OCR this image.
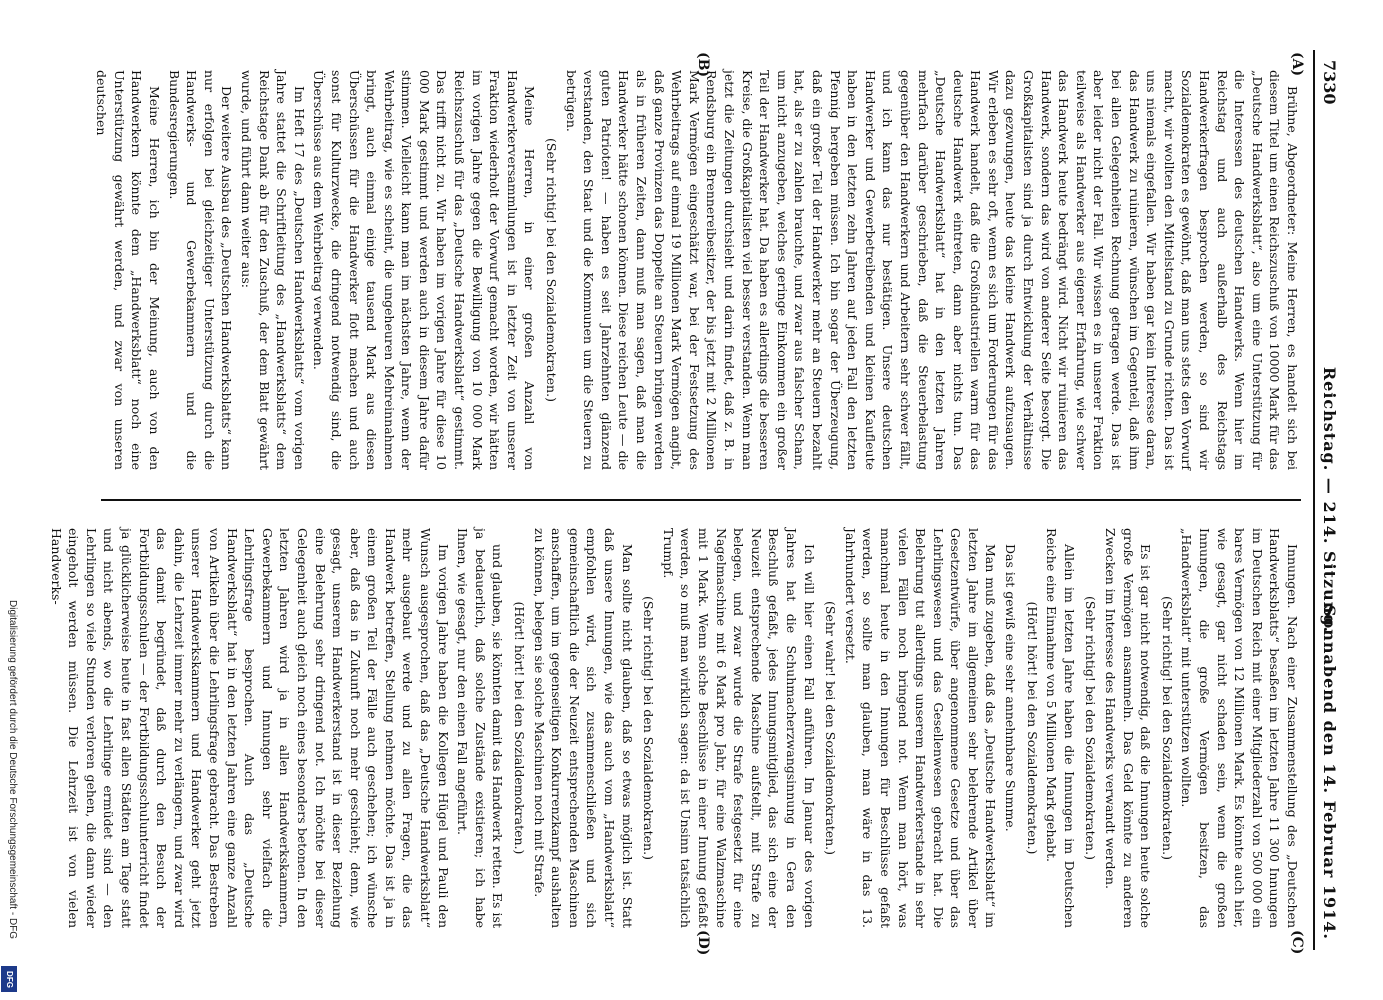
7330
Reichstag. — 214. Sitzung.
Sonnabend den 14. Februar 1914.
(A)
(B)
(C)
(D)

Brühne, Abgeordneter: Meine Herren, es handelt sich bei diesem Titel um einen Reichszuschuß von 10000 Mark für das „Deutsche Handwerksblatt“, also um eine Unterstützung für die Interessen des deutschen Handwerks. Wenn hier im Reichstag und auch außerhalb des Reichstags Handwerkerfragen besprochen werden, so sind wir Sozialdemokraten es gewöhnt, daß man uns stets den Vorwurf macht, wir wollten den Mittelstand zu Grunde richten. Das ist uns niemals eingefallen. Wir haben gar kein Interesse daran, das Handwerk zu ruinieren, wünschen im Gegenteil, daß ihm bei allen Gelegenheiten Rechnung getragen werde. Das ist aber leider nicht der Fall. Wir wissen es in unserer Fraktion teilweise als Handwerker aus eigener Erfahrung, wie schwer das Handwerk heute bedrängt wird. Nicht wir ruinieren das Handwerk, sondern das wird von anderer Seite besorgt. Die Großkapitalisten sind ja durch Entwicklung der Verhältnisse dazu gezwungen, heute das kleine Handwerk aufzusaugen. Wir erleben es sehr oft, wenn es sich um Forderungen für das Handwerk handelt, daß die Großindustriellen warm für das deutsche Handwerk eintreten, dann aber nichts tun. Das „Deutsche Handwerksblatt“ hat in den letzten Jahren mehrfach darüber geschrieben, daß die Steuerbelastung gegenüber den Handwerkern und Arbeitern sehr schwer fällt, und ich kann das nur bestätigen. Unsere deutschen Handwerker und Gewerbetreibenden und kleinen Kaufleute haben in den letzten zehn Jahren auf jeden Fall den letzten Pfennig hergeben müssen. Ich bin sogar der Überzeugung, daß ein großer Teil der Handwerker mehr an Steuern bezahlt hat, als er zu zahlen brauchte, und zwar aus falscher Scham, um nicht anzugeben, welches geringe Einkommen ein großer Teil der Handwerker hat. Da haben es allerdings die besseren Kreise, die Großkapitalisten viel besser verstanden. Wenn man jetzt die Zeitungen durchsieht und darin findet, daß z. B. in Rendsburg ein Brennereibesitzer, der bis jetzt mit 2 Millionen Mark Vermögen eingeschätzt war, bei der Festsetzung des Wehrbeitrags auf einmal 19 Millionen Mark Vermögen angibt, daß ganze Provinzen das Doppelte an Steuern bringen werden als in früheren Zeiten, dann muß man sagen, daß man die Handwerker hätte schonen können. Diese reichen Leute — die guten Patrioten! — haben es seit Jahrzehnten glänzend verstanden, den Staat und die Kommunen um die Steuern zu betrügen.

(Sehr richtig! bei den Sozialdemokraten.)

Meine Herren, in einer großen Anzahl von Handwerkerversammlungen ist in letzter Zeit von unserer Fraktion wiederholt der Vorwurf gemacht worden, wir hätten im vorigen Jahre gegen die Bewilligung von 10 000 Mark Reichszuschuß für das „Deutsche Handwerksblatt“ gestimmt. Das trifft nicht zu. Wir haben im vorigen Jahre für diese 10 000 Mark gestimmt und werden auch in diesem Jahre dafür stimmen. Vielleicht kann man im nächsten Jahre, wenn der Wehrbeitrag, wie es scheint, die ungeheuren Mehreinnahmen bringt, auch einmal einige tausend Mark aus diesen Überschüssen für die Handwerker flott machen und auch sonst für Kulturzwecke, die dringend notwendig sind, die Überschüsse aus dem Wehrbeitrag verwenden.

Im Heft 17 des „Deutschen Handwerksblatts“ vom vorigen Jahre stattet die Schriftleitung des „Handwerksblatts“ dem Reichstage Dank ab für den Zuschuß, der dem Blatt gewährt wurde, und führt dann weiter aus:

Der weitere Ausbau des „Deutschen Handwerksblatts“ kann nur erfolgen bei gleichzeitiger Unterstützung durch die Handwerks- und Gewerbekammern und die Bundesregierungen.

Meine Herren, ich bin der Meinung, auch von den Handwerkern könnte dem „Handwerksblatt“ noch eine Unterstützung gewährt werden, und zwar von unseren deutschen

Innungen. Nach einer Zusammenstellung des „Deutschen Handwerksblatts“ besaßen im letzten Jahre 11 300 Innungen im Deutschen Reich mit einer Mitgliederzahl von 500 000 ein bares Vermögen von 12 Millionen Mark. Es könnte auch hier, wie gesagt, gar nicht schaden sein, wenn die großen Innungen, die große Vermögen besitzen, das „Handwerksblatt“ mit unterstützen wollten.

(Sehr richtig! bei den Sozialdemokraten.)

Es ist gar nicht notwendig, daß die Innungen heute solche große Vermögen ansammeln. Das Geld könnte zu anderen Zwecken im Interesse des Handwerks verwandt werden.

(Sehr richtig! bei den Sozialdemokraten.)

Allein im letzten Jahre haben die Innungen im Deutschen Reiche eine Einnahme von 5 Millionen Mark gehabt.

(Hört! hört! bei den Sozialdemokraten.)

Das ist gewiß eine sehr annehmbare Summe.

Man muß zugeben, daß das „Deutsche Handwerksblatt“ im letzten Jahre im allgemeinen sehr belehrende Artikel über Gesetzentwürfe, über angenommene Gesetze und über das Lehrlingswesen und das Gesellenwesen gebracht hat. Die Belehrung tut allerdings unserem Handwerkerstande in sehr vielen Fällen noch bringend not. Wenn man hört, was manchmal heute in den Innungen für Beschlüsse gefaßt werden, so sollte man glauben, man wäre in das 13. Jahrhundert versetzt.

(Sehr wahr! bei den Sozialdemokraten.)

Ich will hier einen Fall anführen. Im Januar des vorigen Jahres hat die Schuhmacherzwangsinnung in Gera den Beschluß gefaßt, jedes Innungsmitglied, das sich eine der Neuzeit entsprechende Maschine aufstellt, mit Strafe zu belegen, und zwar wurde die Strafe festgesetzt für eine Nagelmaschine mit 6 Mark pro Jahr, für eine Walzmaschine mit 1 Mark. Wenn solche Beschlüsse in einer Innung gefaßt werden, so muß man wirklich sagen: da ist Unsinn tatsächlich Trumpf.

(Sehr richtig! bei den Sozialdemokraten.)

Man sollte nicht glauben, daß so etwas möglich ist. Statt daß unsere Innungen, wie das auch vom „Handwerksblatt“ empfohlen wird, sich zusammenschließen und sich gemeinschaftlich die der Neuzeit entsprechenden Maschinen anschaffen, um im gegenseitigen Konkurrenzkampf aushalten zu können, belegen sie solche Maschinen noch mit Strafe.

(Hört! hört! bei den Sozialdemokraten.)

und glauben, sie könnten damit das Handwerk retten. Es ist ja bedauerlich, daß solche Zustände existieren; ich habe Ihnen, wie gesagt, nur den einen Fall angeführt.

Im vorigen Jahre haben die Kollegen Hügel und Pauli den Wunsch ausgesprochen, daß das „Deutsche Handwerksblatt“ mehr ausgebaut werde und zu allen Fragen, die das Handwerk betreffen, Stellung nehmen möchte. Das ist ja in einem großen Teil der Fälle auch geschehen; ich wünsche aber, daß das in Zukunft noch mehr geschieht; denn, wie gesagt, unserem Handwerkerstand ist in dieser Beziehung eine Belehrung sehr dringend not. Ich möchte bei dieser Gelegenheit auch gleich noch eines besonders betonen. In den letzten Jahren wird ja in allen Handwerkskammern, Gewerbekammern und Innungen sehr vielfach die Lehrlingsfrage besprochen. Auch das „Deutsche Handwerksblatt“ hat in den letzten Jahren eine ganze Anzahl von Artikeln über die Lehrlingsfrage gebracht. Das Bestreben unserer Handwerkskammern und Handwerker geht jetzt dahin, die Lehrzeit immer mehr zu verlängern, und zwar wird das damit begründet, daß durch den Besuch der Fortbildungsschulen — der Fortbildungsschulunterricht findet ja glücklicherweise heute in fast allen Städten am Tage statt und nicht abends, wo die Lehrlinge ermüdet sind — den Lehrlingen so viele Stunden verloren gehen, die dann wieder eingeholt werden müssen. Die Lehrzeit ist von vielen Handwerks-

Digitalisierung gefördert durch die Deutsche Forschungsgemeinschaft - DFG
DFG
